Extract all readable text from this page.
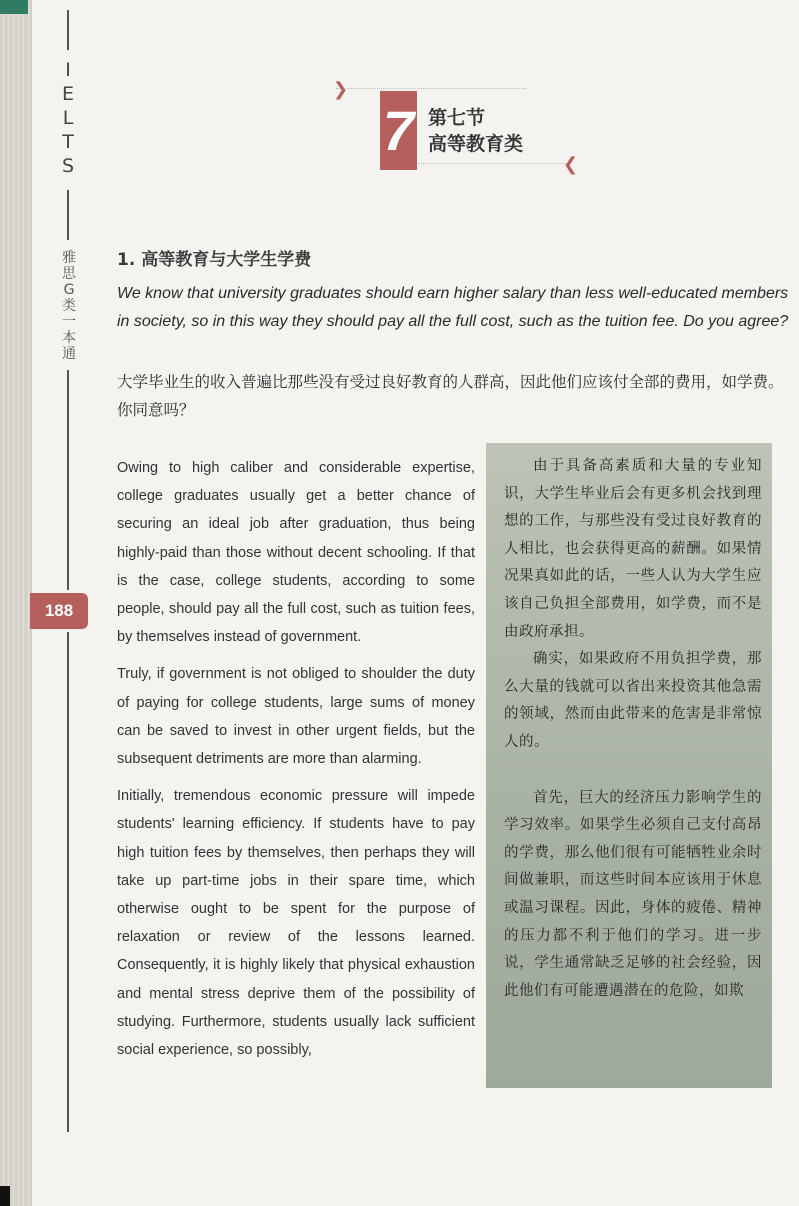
I
E
L
T
S
雅
思
G
类
一
本
通
188
❯
❮
7 第七节
高等教育类
1. 高等教育与大学生学费
We know that university graduates should earn higher salary than less well-educated members in society, so in this way they should pay all the full cost, such as the tuition fee. Do you agree?
大学毕业生的收入普遍比那些没有受过良好教育的人群高，因此他们应该付全部的费用，如学费。你同意吗？

Owing to high caliber and considerable expertise, college graduates usually get a better chance of securing an ideal job after graduation, thus being highly-paid than those without decent schooling. If that is the case, college students, according to some people, should pay all the full cost, such as tuition fees, by themselves instead of government.

Truly, if government is not obliged to shoulder the duty of paying for college students, large sums of money can be saved to invest in other urgent fields, but the subsequent detriments are more than alarming.

Initially, tremendous economic pressure will impede students' learning efficiency. If students have to pay high tuition fees by themselves, then perhaps they will take up part-time jobs in their spare time, which otherwise ought to be spent for the purpose of relaxation or review of the lessons learned. Consequently, it is highly likely that physical exhaustion and mental stress deprive them of the possibility of studying. Furthermore, students usually lack sufficient social experience, so possibly,

由于具备高素质和大量的专业知识，大学生毕业后会有更多机会找到理想的工作，与那些没有受过良好教育的人相比，也会获得更高的薪酬。如果情况果真如此的话，一些人认为大学生应该自己负担全部费用，如学费，而不是由政府承担。

确实，如果政府不用负担学费，那么大量的钱就可以省出来投资其他急需的领域，然而由此带来的危害是非常惊人的。

首先，巨大的经济压力影响学生的学习效率。如果学生必须自己支付高昂的学费，那么他们很有可能牺牲业余时间做兼职，而这些时间本应该用于休息或温习课程。因此，身体的疲倦、精神的压力都不利于他们的学习。进一步说，学生通常缺乏足够的社会经验，因此他们有可能遭遇潜在的危险，如欺
